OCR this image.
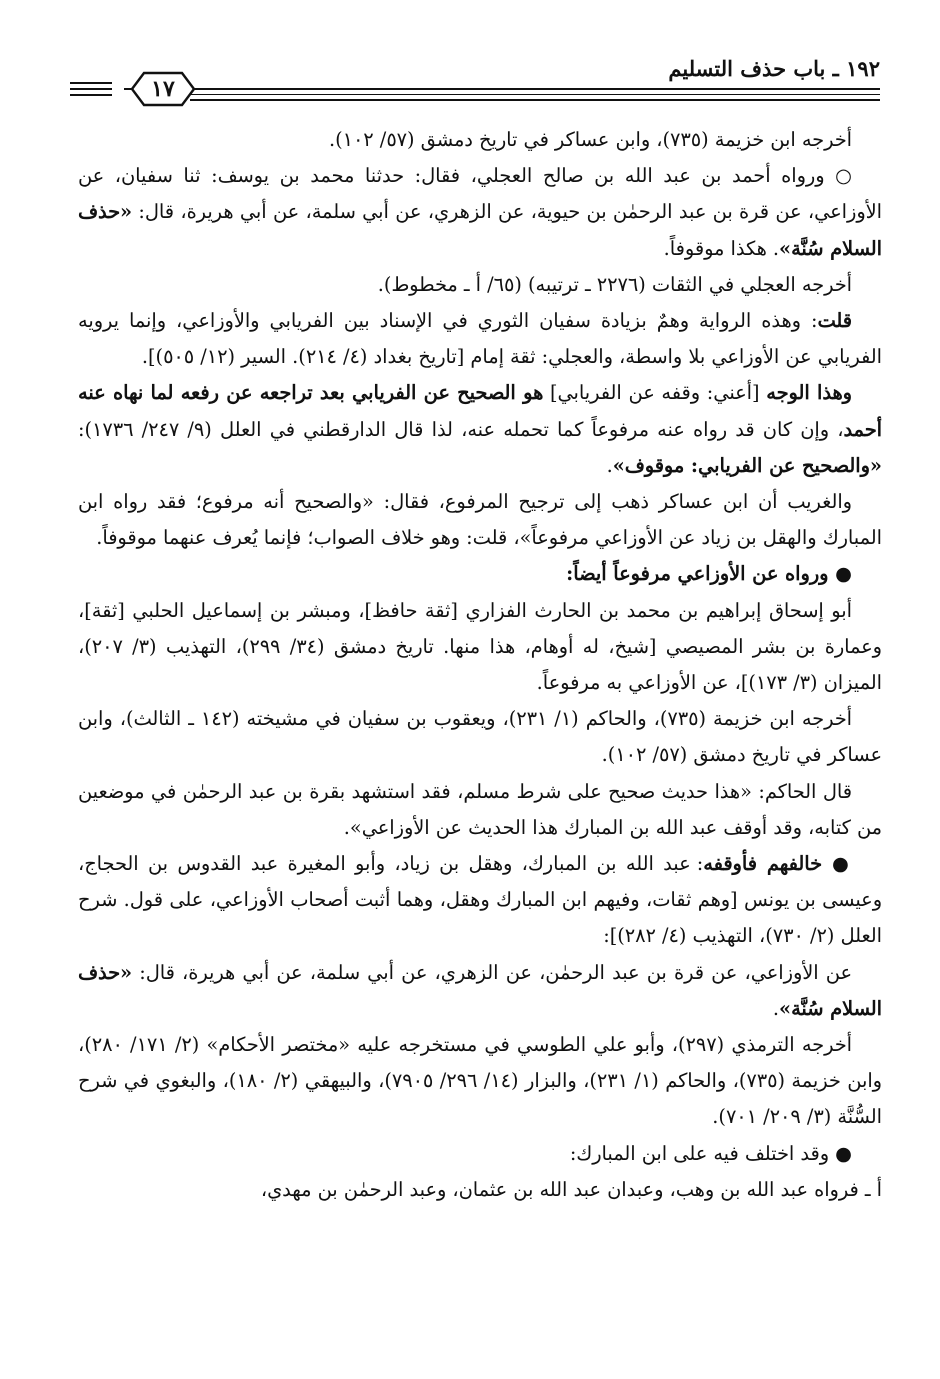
١٩٢ ـ باب حذف التسليم
١٧

أخرجه ابن خزيمة (٧٣٥)، وابن عساكر في تاريخ دمشق (٥٧/ ١٠٢).

○ ورواه أحمد بن عبد الله بن صالح العجلي، فقال: حدثنا محمد بن يوسف: ثنا سفيان، عن الأوزاعي، عن قرة بن عبد الرحمٰن بن حيوية، عن الزهري، عن أبي سلمة، عن أبي هريرة، قال: «حذف السلام سُنَّة». هكذا موقوفاً.

أخرجه العجلي في الثقات (٢٢٧٦ ـ ترتيبه) (٦٥/ أ ـ مخطوط).

قلت: وهذه الرواية وهمٌ بزيادة سفيان الثوري في الإسناد بين الفريابي والأوزاعي، وإنما يرويه الفريابي عن الأوزاعي بلا واسطة، والعجلي: ثقة إمام [تاريخ بغداد (٤/ ٢١٤). السير (١٢/ ٥٠٥)].

وهذا الوجه [أعني: وقفه عن الفريابي] هو الصحيح عن الفريابي بعد تراجعه عن رفعه لما نهاه عنه أحمد، وإن كان قد رواه عنه مرفوعاً كما تحمله عنه، لذا قال الدارقطني في العلل (٩/ ٢٤٧/ ١٧٣٦): «والصحيح عن الفريابي: موقوف».

والغريب أن ابن عساكر ذهب إلى ترجيح المرفوع، فقال: «والصحيح أنه مرفوع؛ فقد رواه ابن المبارك والهقل بن زياد عن الأوزاعي مرفوعاً»، قلت: وهو خلاف الصواب؛ فإنما يُعرف عنهما موقوفاً.

● ورواه عن الأوزاعي مرفوعاً أيضاً:

أبو إسحاق إبراهيم بن محمد بن الحارث الفزاري [ثقة حافظ]، ومبشر بن إسماعيل الحلبي [ثقة]، وعمارة بن بشر المصيصي [شيخ، له أوهام، هذا منها. تاريخ دمشق (٣٤/ ٢٩٩)، التهذيب (٣/ ٢٠٧)، الميزان (٣/ ١٧٣)]، عن الأوزاعي به مرفوعاً.

أخرجه ابن خزيمة (٧٣٥)، والحاكم (١/ ٢٣١)، ويعقوب بن سفيان في مشيخته (١٤٢ ـ الثالث)، وابن عساكر في تاريخ دمشق (٥٧/ ١٠٢).

قال الحاكم: «هذا حديث صحيح على شرط مسلم، فقد استشهد بقرة بن عبد الرحمٰن في موضعين من كتابه، وقد أوقف عبد الله بن المبارك هذا الحديث عن الأوزاعي».

● خالفهم فأوقفه: عبد الله بن المبارك، وهقل بن زياد، وأبو المغيرة عبد القدوس بن الحجاج، وعيسى بن يونس [وهم ثقات، وفيهم ابن المبارك وهقل، وهما أثبت أصحاب الأوزاعي، على قول. شرح العلل (٢/ ٧٣٠)، التهذيب (٤/ ٢٨٢)]:

عن الأوزاعي، عن قرة بن عبد الرحمٰن، عن الزهري، عن أبي سلمة، عن أبي هريرة، قال: «حذف السلام سُنَّة».

أخرجه الترمذي (٢٩٧)، وأبو علي الطوسي في مستخرجه عليه «مختصر الأحكام» (٢/ ١٧١/ ٢٨٠)، وابن خزيمة (٧٣٥)، والحاكم (١/ ٢٣١)، والبزار (١٤/ ٢٩٦/ ٧٩٠٥)، والبيهقي (٢/ ١٨٠)، والبغوي في شرح السُّنَّة (٣/ ٢٠٩/ ٧٠١).

● وقد اختلف فيه على ابن المبارك:

أ ـ فرواه عبد الله بن وهب، وعبدان عبد الله بن عثمان، وعبد الرحمٰن بن مهدي،
